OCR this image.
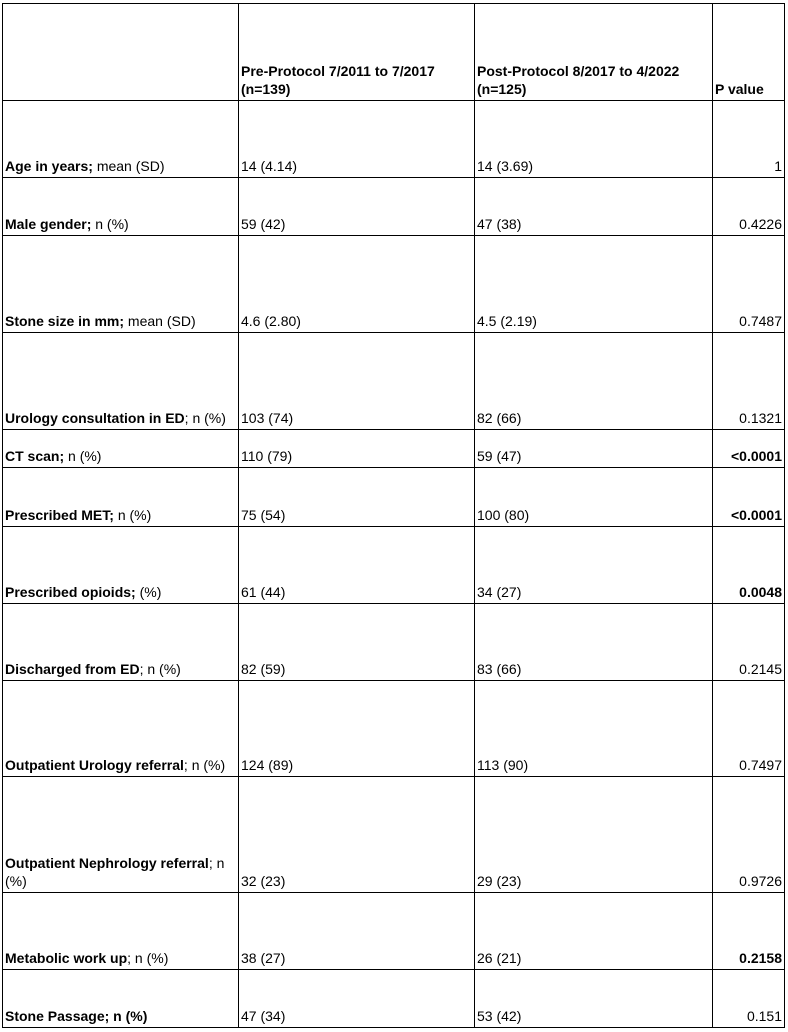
	Pre-Protocol 7/2011 to 7/2017 (n=139)	Post-Protocol 8/2017 to 4/2022 (n=125)	P value
Age in years; mean (SD)	14 (4.14)	14 (3.69)	1
Male gender; n (%)	59 (42)	47 (38)	0.4226
Stone size in mm; mean (SD)	4.6 (2.80)	4.5 (2.19)	0.7487
Urology consultation in ED; n (%)	103 (74)	82 (66)	0.1321
CT scan; n (%)	110 (79)	59 (47)	<0.0001
Prescribed MET; n (%)	75 (54)	100 (80)	<0.0001
Prescribed opioids; (%)	61 (44)	34 (27)	0.0048
Discharged from ED; n (%)	82 (59)	83 (66)	0.2145
Outpatient Urology referral; n (%)	124 (89)	113 (90)	0.7497
Outpatient Nephrology referral; n (%)	32 (23)	29 (23)	0.9726
Metabolic work up; n (%)	38 (27)	26 (21)	0.2158
Stone Passage; n (%)	47 (34)	53 (42)	0.151
